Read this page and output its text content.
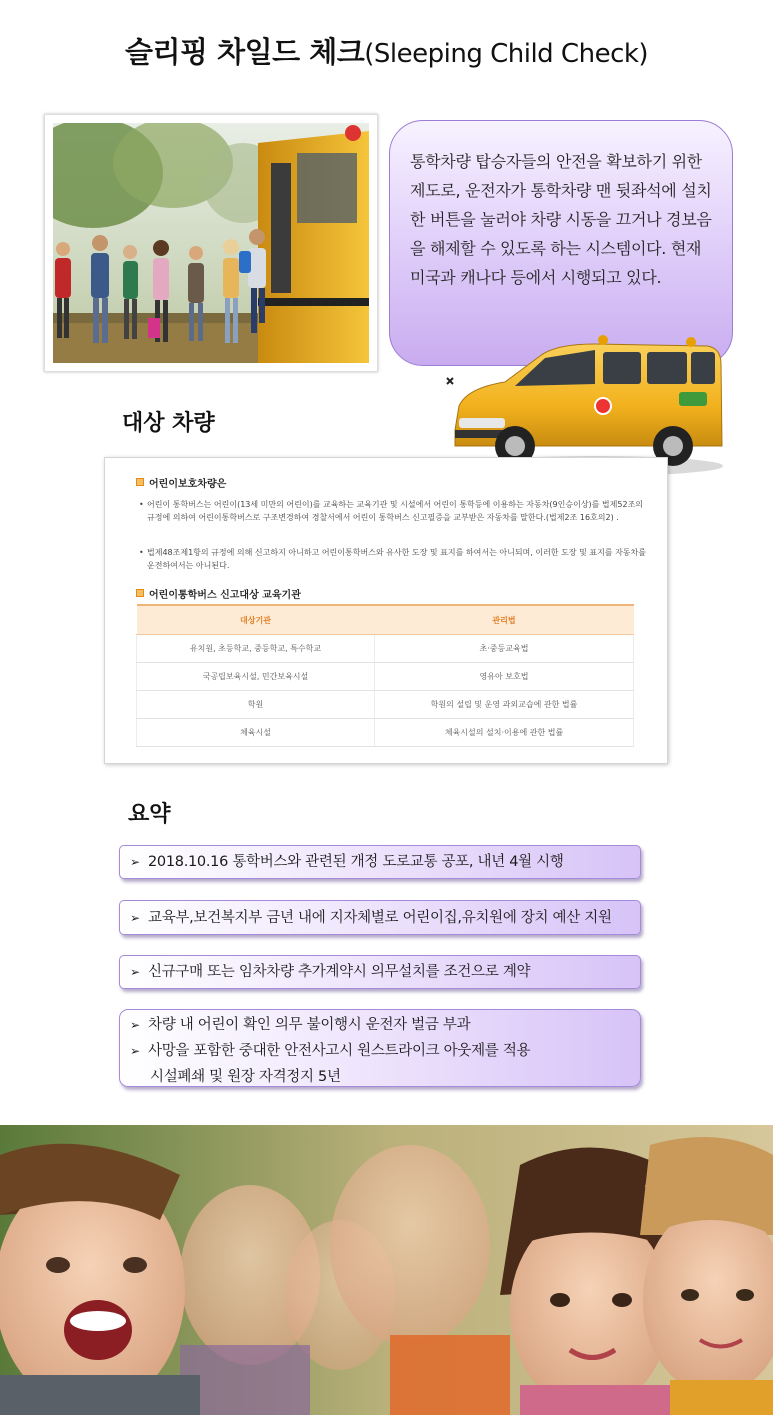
슬리핑 차일드 체크(Sleeping Child Check)
통학차량 탑승자들의 안전을 확보하기 위한 제도로, 운전자가 통학차량 맨 뒷좌석에 설치한 버튼을 눌러야 차량 시동을 끄거나 경보음을 해제할 수 있도록 하는 시스템이다. 현재 미국과 캐나다 등에서 시행되고 있다.
대상 차량
어린이보호차량은
• 어린이 통학버스는 어린이(13세 미만의 어린이)를 교육하는 교육기관 및 시설에서 어린이 통학등에 이용하는 자동차(9인승이상)를 법제52조의 규정에 의하여 어린이통학버스로 구조변경하여 경찰서에서 어린이 통학버스 신고필증을 교부받은 자동차를 말한다.(법제2조 16호의2) .
• 법제48조제1항의 규정에 의해 신고하지 아니하고 어린이통학버스와 유사한 도장 및 표지를 하여서는 아니되며, 이러한 도장 및 표지를 자동차를 운전하여서는 아니된다.
어린이통학버스 신고대상 교육기관
대상기관	관리법
유치원, 초등학교, 중등학교, 특수학교	초·중등교육법
국공립보육시설, 민간보육시설	영유아 보호법
학원	학원의 설립 및 운영 과외교습에 관한 법률
체육시설	체육시설의 설치·이용에 관한 법률
요약
➢ 2018.10.16 통학버스와 관련된 개정 도로교통 공포, 내년 4월 시행
➢ 교육부,보건복지부 금년 내에 지자체별로 어린이집,유치원에 장치 예산 지원
➢ 신규구매 또는 임차차량 추가계약시 의무설치를 조건으로 계약
➢ 차량 내 어린이 확인 의무 불이행시 운전자 벌금 부과
➢ 사망을 포함한 중대한 안전사고시 원스트라이크 아웃제를 적용
시설폐쇄 및 원장 자격정지 5년
